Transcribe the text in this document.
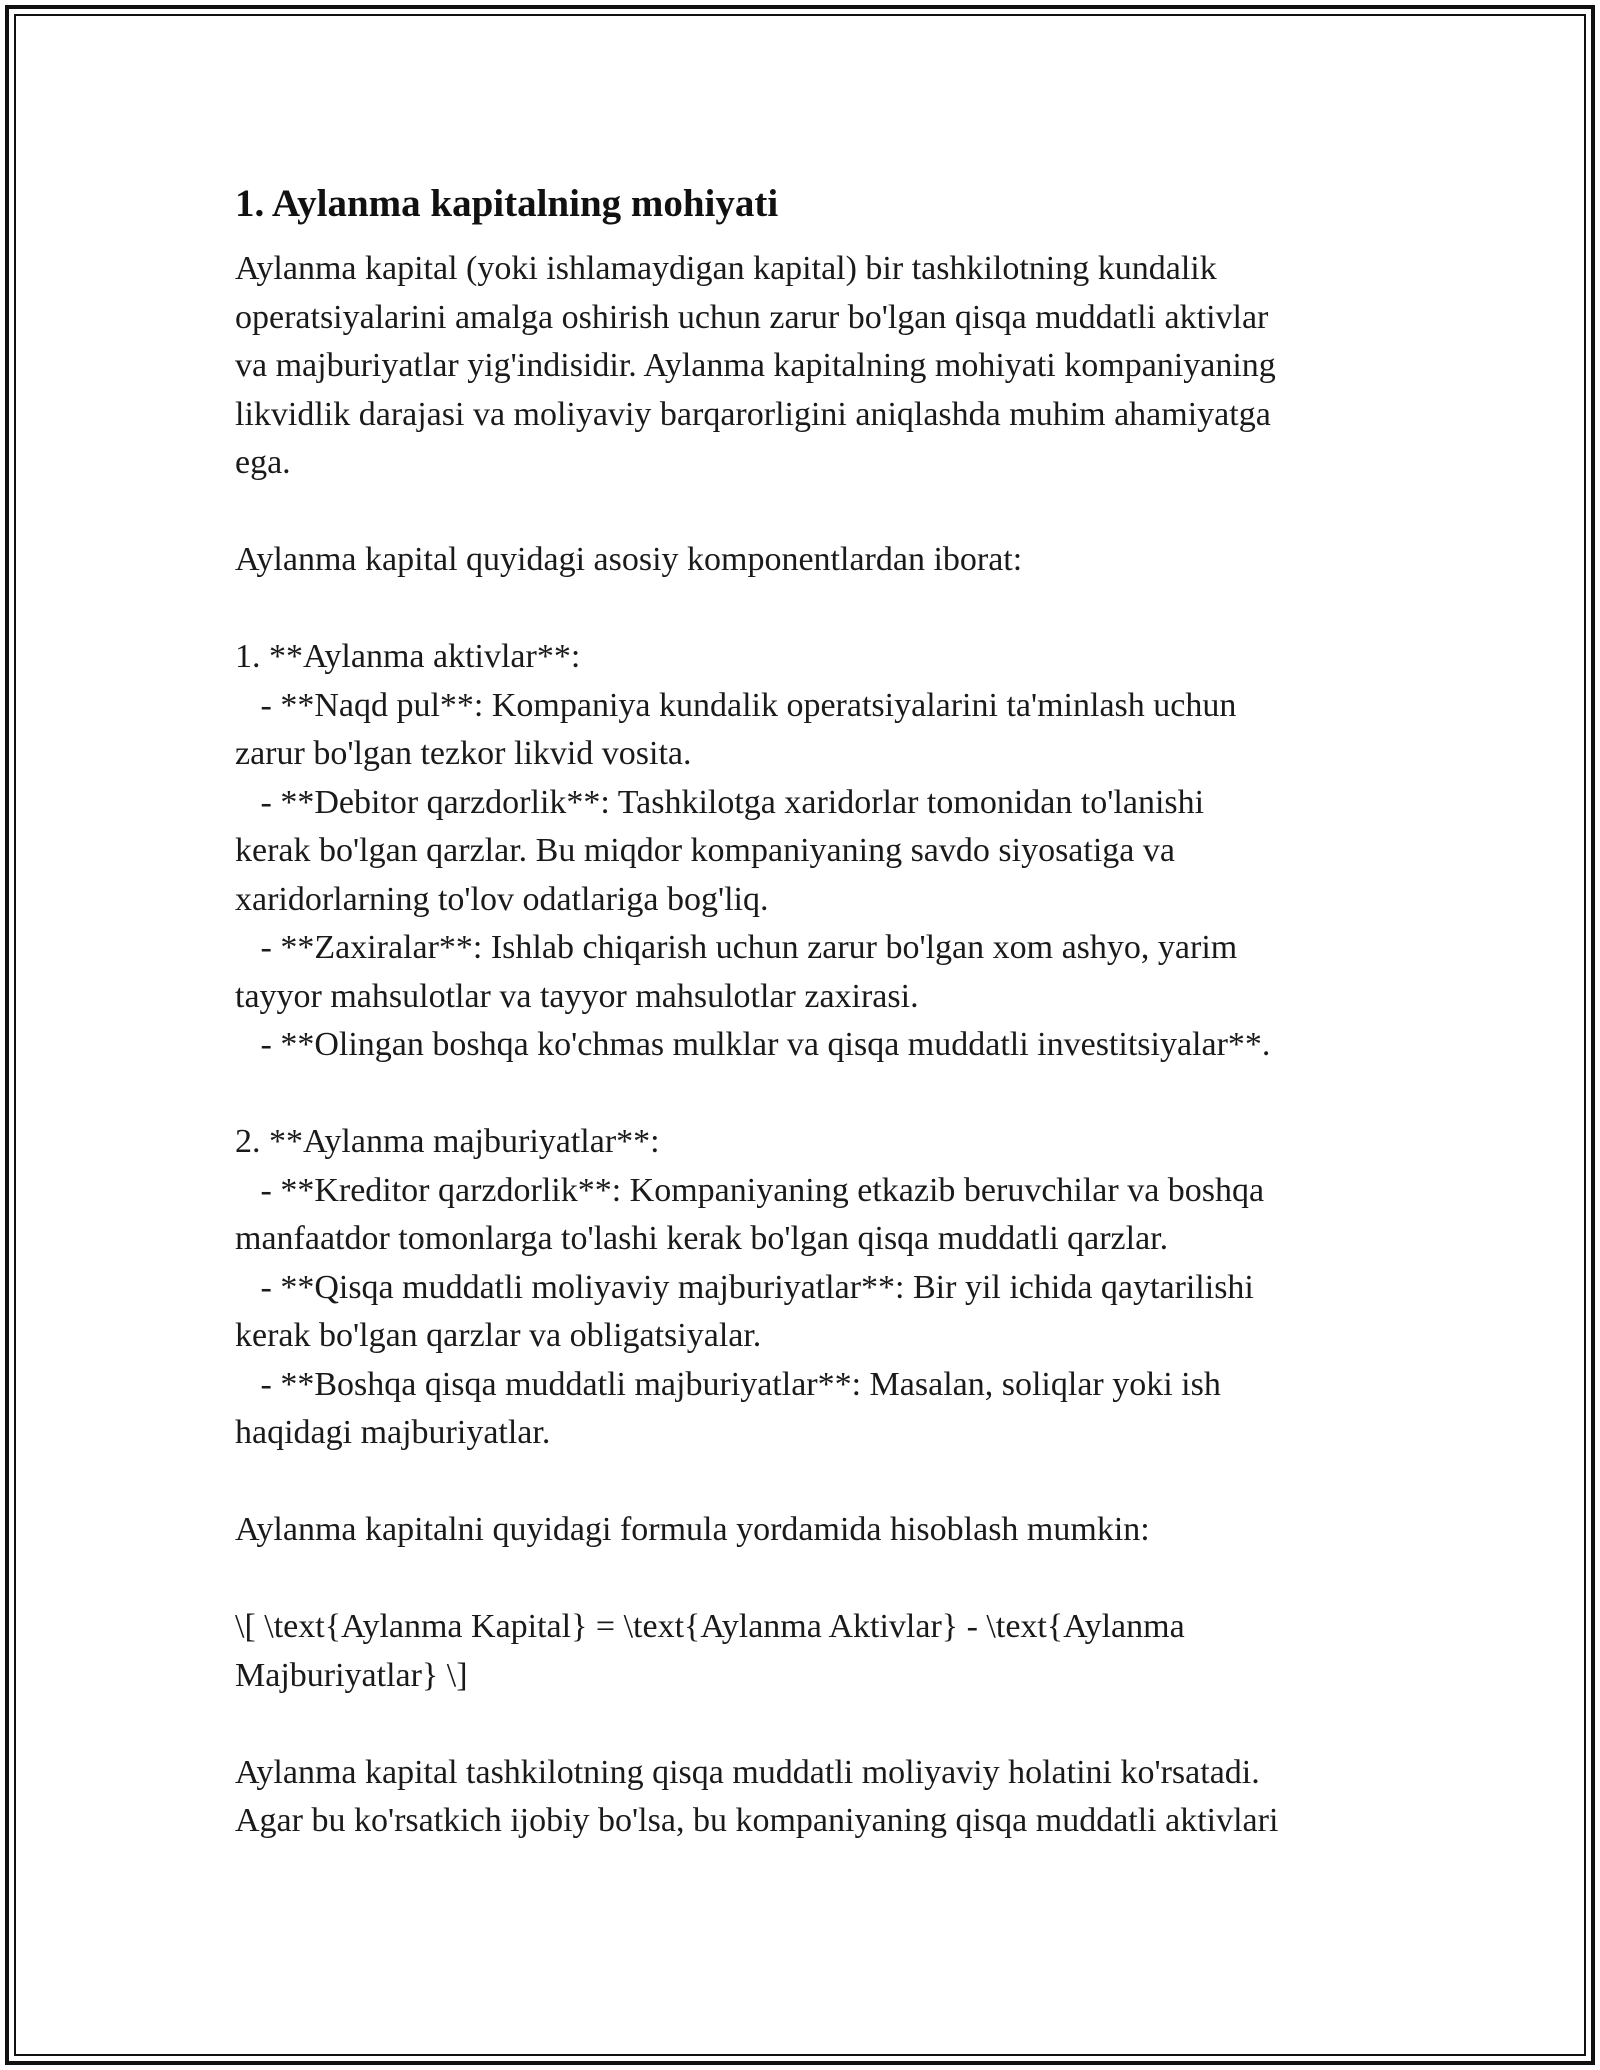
1. Aylanma kapitalning mohiyati

Aylanma kapital (yoki ishlamaydigan kapital) bir tashkilotning kundalik
operatsiyalarini amalga oshirish uchun zarur bo'lgan qisqa muddatli aktivlar
va majburiyatlar yig'indisidir. Aylanma kapitalning mohiyati kompaniyaning
likvidlik darajasi va moliyaviy barqarorligini aniqlashda muhim ahamiyatga
ega.

Aylanma kapital quyidagi asosiy komponentlardan iborat:

1. **Aylanma aktivlar**:
- **Naqd pul**: Kompaniya kundalik operatsiyalarini ta'minlash uchun
zarur bo'lgan tezkor likvid vosita.
- **Debitor qarzdorlik**: Tashkilotga xaridorlar tomonidan to'lanishi
kerak bo'lgan qarzlar. Bu miqdor kompaniyaning savdo siyosatiga va
xaridorlarning to'lov odatlariga bog'liq.
- **Zaxiralar**: Ishlab chiqarish uchun zarur bo'lgan xom ashyo, yarim
tayyor mahsulotlar va tayyor mahsulotlar zaxirasi.
- **Olingan boshqa ko'chmas mulklar va qisqa muddatli investitsiyalar**.

2. **Aylanma majburiyatlar**:
- **Kreditor qarzdorlik**: Kompaniyaning etkazib beruvchilar va boshqa
manfaatdor tomonlarga to'lashi kerak bo'lgan qisqa muddatli qarzlar.
- **Qisqa muddatli moliyaviy majburiyatlar**: Bir yil ichida qaytarilishi
kerak bo'lgan qarzlar va obligatsiyalar.
- **Boshqa qisqa muddatli majburiyatlar**: Masalan, soliqlar yoki ish
haqidagi majburiyatlar.

Aylanma kapitalni quyidagi formula yordamida hisoblash mumkin:

\[ \text{Aylanma Kapital} = \text{Aylanma Aktivlar} - \text{Aylanma
Majburiyatlar} \]

Aylanma kapital tashkilotning qisqa muddatli moliyaviy holatini ko'rsatadi.
Agar bu ko'rsatkich ijobiy bo'lsa, bu kompaniyaning qisqa muddatli aktivlari
